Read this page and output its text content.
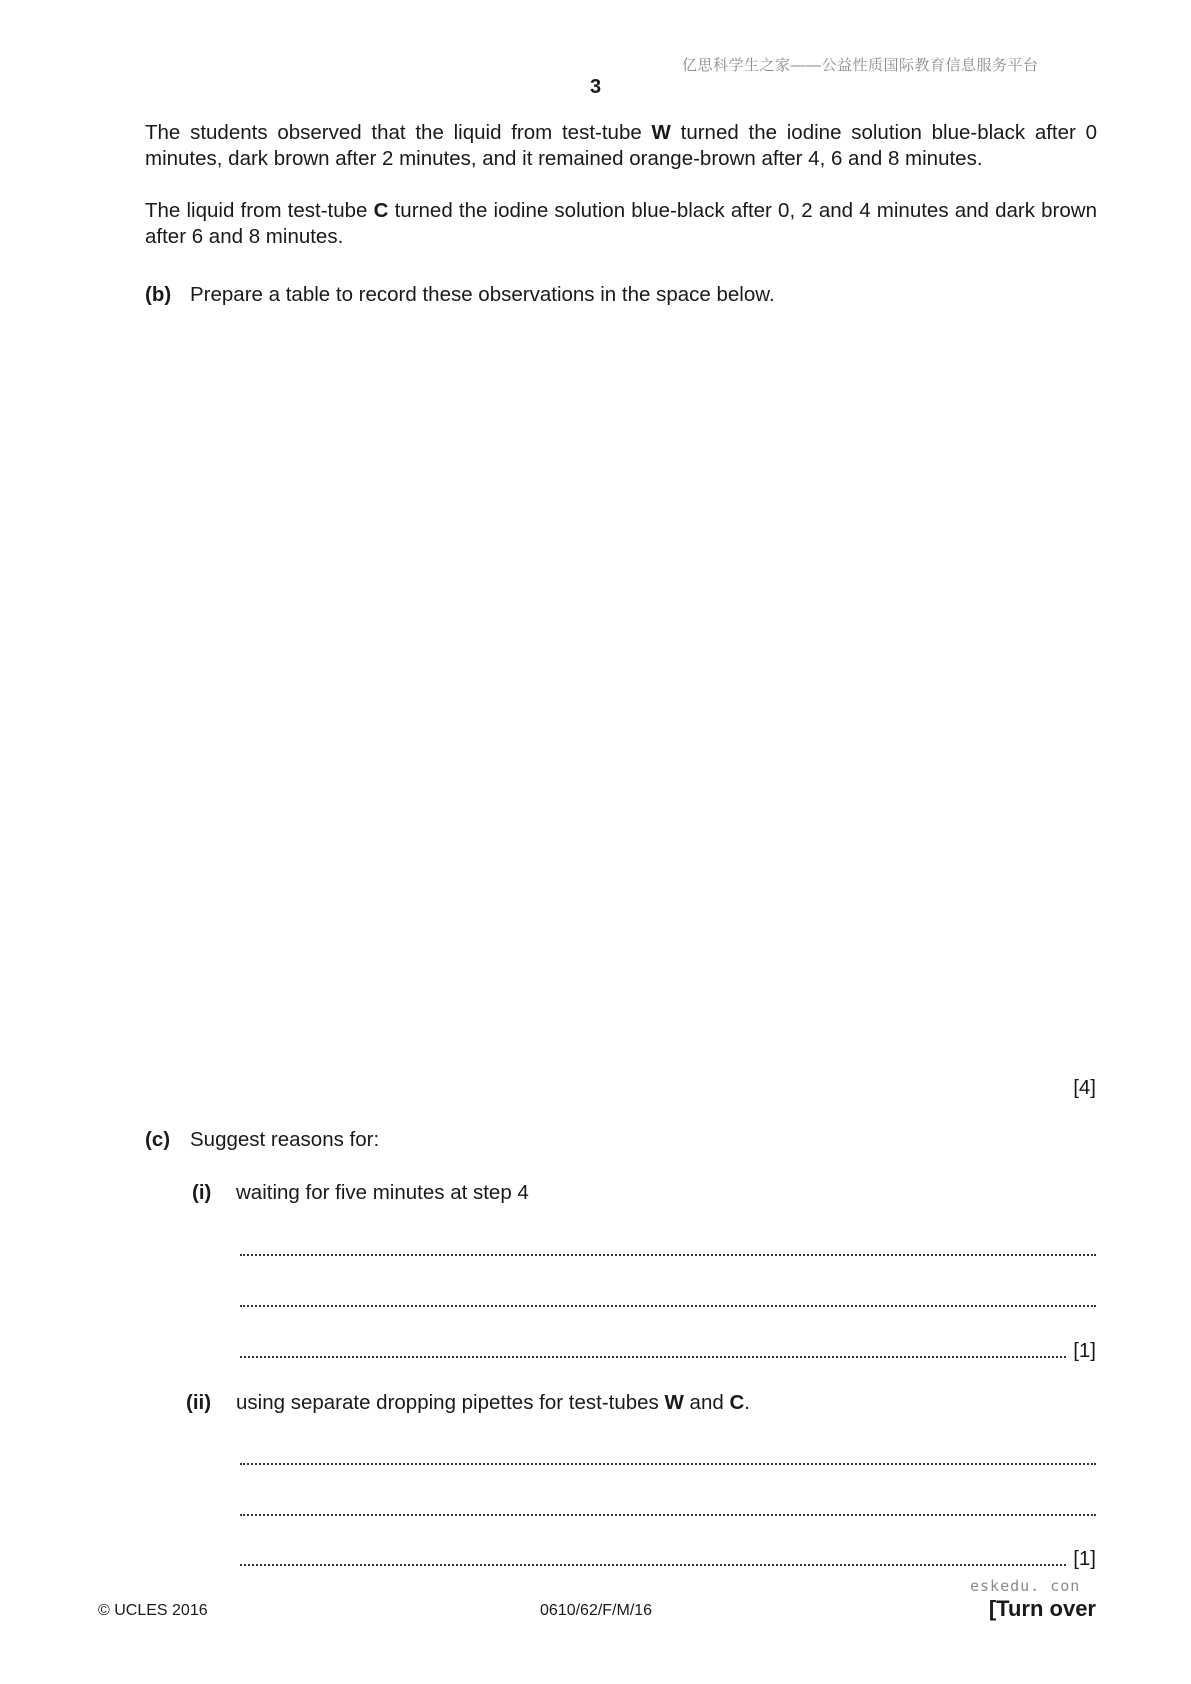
亿思科学生之家——公益性质国际教育信息服务平台
3
The students observed that the liquid from test-tube W turned the iodine solution blue-black after 0 minutes, dark brown after 2 minutes, and it remained orange-brown after 4, 6 and 8 minutes.
The liquid from test-tube C turned the iodine solution blue-black after 0, 2 and 4 minutes and dark brown after 6 and 8 minutes.
(b) Prepare a table to record these observations in the space below.
[4]
(c) Suggest reasons for:
(i) waiting for five minutes at step 4
[1]
(ii) using separate dropping pipettes for test-tubes W and C.
[1]
eskedu. con
© UCLES 2016	0610/62/F/M/16	[Turn over
